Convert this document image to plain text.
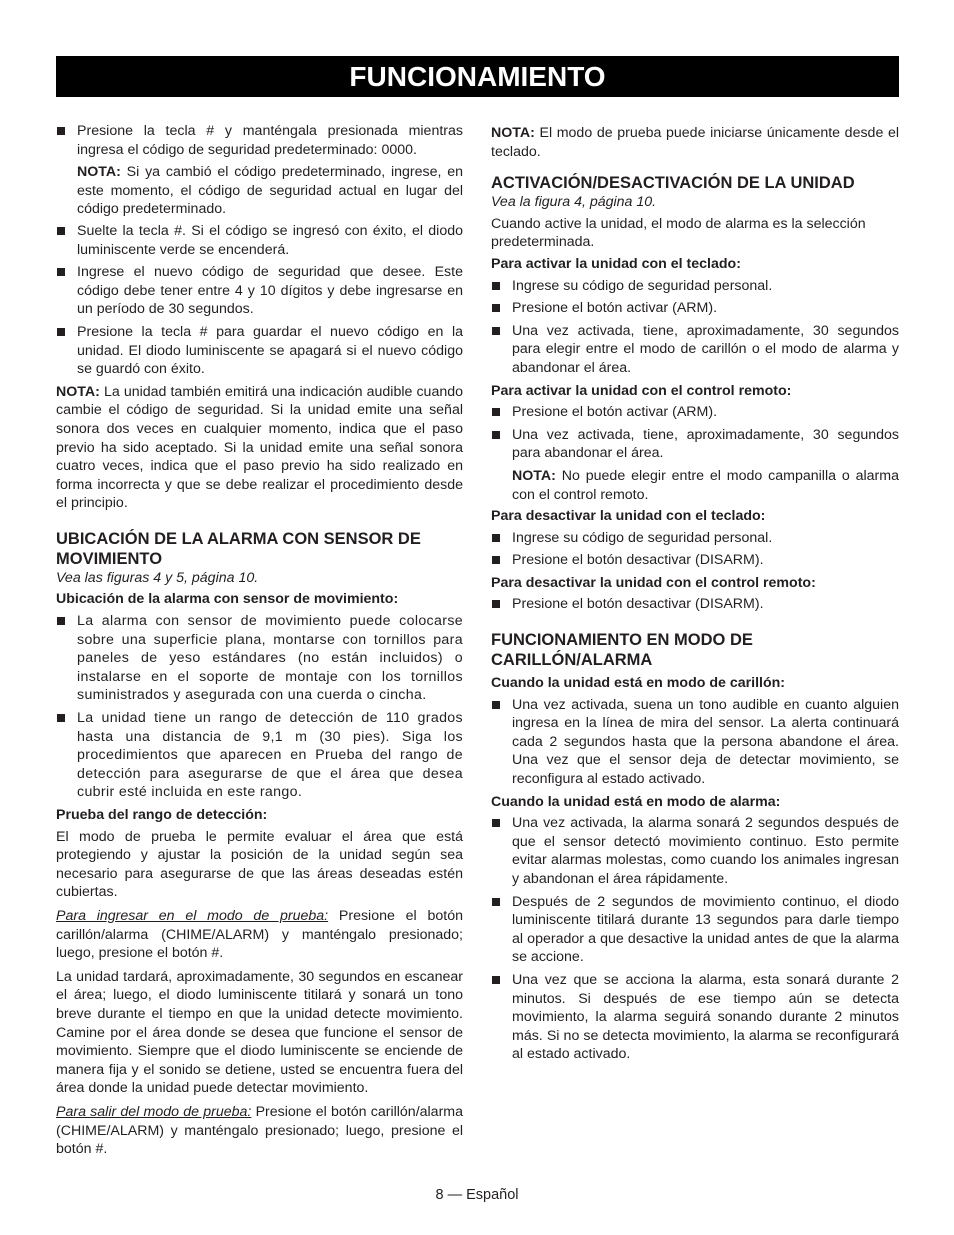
FUNCIONAMIENTO
Presione la tecla # y manténgala presionada mientras ingresa el código de seguridad predeterminado: 0000.
NOTA: Si ya cambió el código predeterminado, ingrese, en este momento, el código de seguridad actual en lugar del código predeterminado.
Suelte la tecla #. Si el código se ingresó con éxito, el diodo luminiscente verde se encenderá.
Ingrese el nuevo código de seguridad que desee. Este código debe tener entre 4 y 10 dígitos y debe ingresarse en un período de 30 segundos.
Presione la tecla # para guardar el nuevo código en la unidad. El diodo luminiscente se apagará si el nuevo código se guardó con éxito.

NOTA: La unidad también emitirá una indicación audible cuando cambie el código de seguridad. Si la unidad emite una señal sonora dos veces en cualquier momento, indica que el paso previo ha sido aceptado. Si la unidad emite una señal sonora cuatro veces, indica que el paso previo ha sido realizado en forma incorrecta y que se debe realizar el procedimiento desde el principio.

UBICACIÓN DE LA ALARMA CON SENSOR DE MOVIMIENTO
Vea las figuras 4 y 5, página 10.
Ubicación de la alarma con sensor de movimiento:
La alarma con sensor de movimiento puede colocarse sobre una superficie plana, montarse con tornillos para paneles de yeso estándares (no están incluidos) o instalarse en el soporte de montaje con los tornillos suministrados y asegurada con una cuerda o cincha.
La unidad tiene un rango de detección de 110 grados hasta una distancia de 9,1 m (30 pies). Siga los procedimientos que aparecen en Prueba del rango de detección para asegurarse de que el área que desea cubrir esté incluida en este rango.
Prueba del rango de detección:

El modo de prueba le permite evaluar el área que está protegiendo y ajustar la posición de la unidad según sea necesario para asegurarse de que las áreas deseadas estén cubiertas.

Para ingresar en el modo de prueba: Presione el botón carillón/alarma (CHIME/ALARM) y manténgalo presionado; luego, presione el botón #.

La unidad tardará, aproximadamente, 30 segundos en escanear el área; luego, el diodo luminiscente titilará y sonará un tono breve durante el tiempo en que la unidad detecte movimiento. Camine por el área donde se desea que funcione el sensor de movimiento. Siempre que el diodo luminiscente se enciende de manera fija y el sonido se detiene, usted se encuentra fuera del área donde la unidad puede detectar movimiento.

Para salir del modo de prueba: Presione el botón carillón/alarma (CHIME/ALARM) y manténgalo presionado; luego, presione el botón #.

NOTA: El modo de prueba puede iniciarse únicamente desde el teclado.

ACTIVACIÓN/DESACTIVACIÓN DE LA UNIDAD
Vea la figura 4, página 10.

Cuando active la unidad, el modo de alarma es la selección predeterminada.

Para activar la unidad con el teclado:
Ingrese su código de seguridad personal.
Presione el botón activar (ARM).
Una vez activada, tiene, aproximadamente, 30 segundos para elegir entre el modo de carillón o el modo de alarma y abandonar el área.
Para activar la unidad con el control remoto:
Presione el botón activar (ARM).
Una vez activada, tiene, aproximadamente, 30 segundos para abandonar el área.
NOTA: No puede elegir entre el modo campanilla o alarma con el control remoto.
Para desactivar la unidad con el teclado:
Ingrese su código de seguridad personal.
Presione el botón desactivar (DISARM).
Para desactivar la unidad con el control remoto:
Presione el botón desactivar (DISARM).
FUNCIONAMIENTO EN MODO DE CARILLÓN/ALARMA
Cuando la unidad está en modo de carillón:
Una vez activada, suena un tono audible en cuanto alguien ingresa en la línea de mira del sensor. La alerta continuará cada 2 segundos hasta que la persona abandone el área. Una vez que el sensor deja de detectar movimiento, se reconfigura al estado activado.
Cuando la unidad está en modo de alarma:
Una vez activada, la alarma sonará 2 segundos después de que el sensor detectó movimiento continuo. Esto permite evitar alarmas molestas, como cuando los animales ingresan y abandonan el área rápidamente.
Después de 2 segundos de movimiento continuo, el diodo luminiscente titilará durante 13 segundos para darle tiempo al operador a que desactive la unidad antes de que la alarma se accione.
Una vez que se acciona la alarma, esta sonará durante 2 minutos. Si después de ese tiempo aún se detecta movimiento, la alarma seguirá sonando durante 2 minutos más. Si no se detecta movimiento, la alarma se reconfigurará al estado activado.
8 — Español
